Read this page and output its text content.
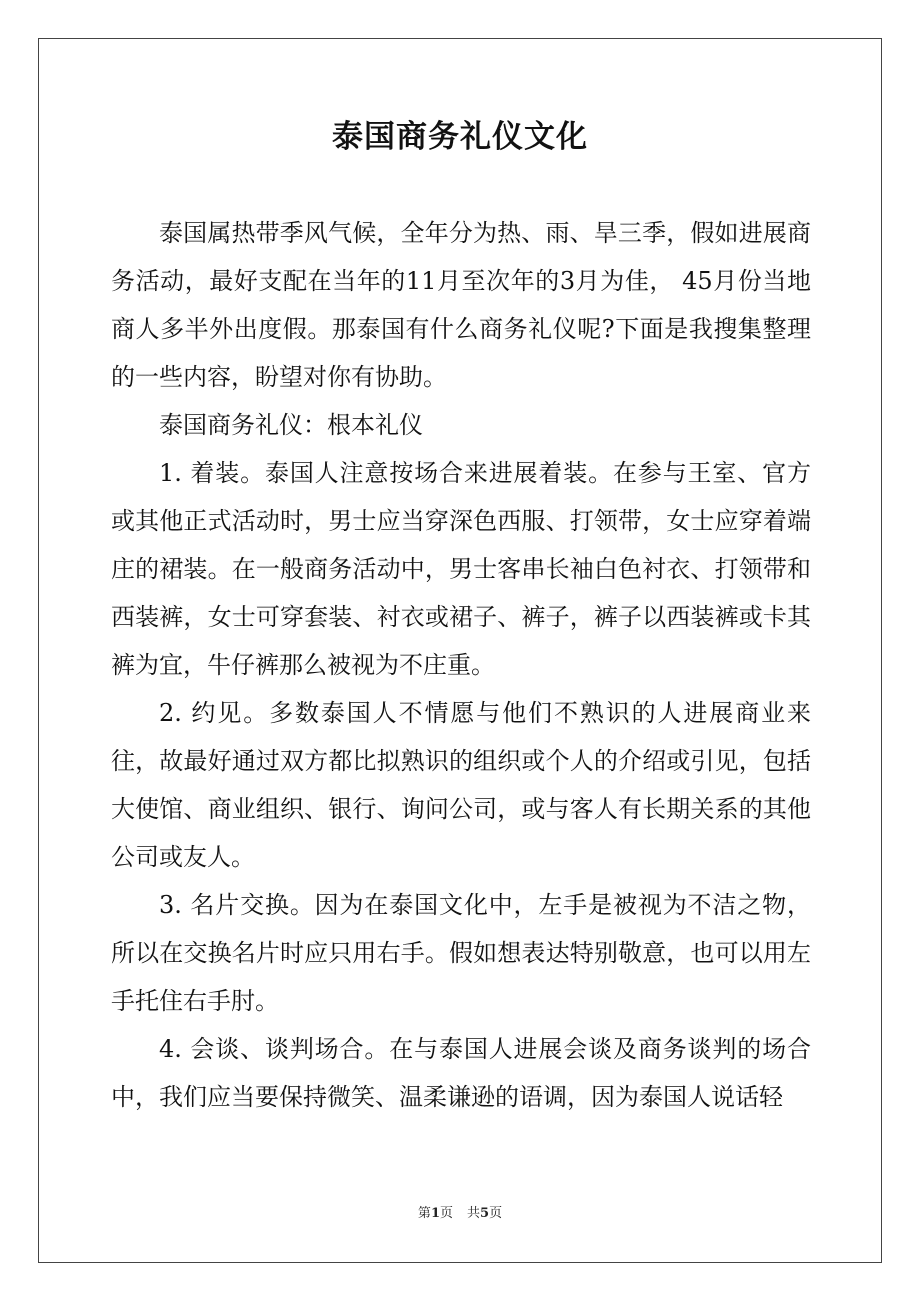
泰国商务礼仪文化

泰国属热带季风气候，全年分为热、雨、旱三季，假如进展商务活动，最好支配在当年的11月至次年的3月为佳， 45月份当地商人多半外出度假。那泰国有什么商务礼仪呢?下面是我搜集整理的一些内容，盼望对你有协助。

泰国商务礼仪：根本礼仪

1. 着装。泰国人注意按场合来进展着装。在参与王室、官方或其他正式活动时，男士应当穿深色西服、打领带，女士应穿着端庄的裙装。在一般商务活动中，男士客串长袖白色衬衣、打领带和西装裤，女士可穿套装、衬衣或裙子、裤子，裤子以西装裤或卡其裤为宜，牛仔裤那么被视为不庄重。

2. 约见。多数泰国人不情愿与他们不熟识的人进展商业来往，故最好通过双方都比拟熟识的组织或个人的介绍或引见，包括大使馆、商业组织、银行、询问公司，或与客人有长期关系的其他公司或友人。

3. 名片交换。因为在泰国文化中，左手是被视为不洁之物，所以在交换名片时应只用右手。假如想表达特别敬意，也可以用左手托住右手肘。

4. 会谈、谈判场合。在与泰国人进展会谈及商务谈判的场合中，我们应当要保持微笑、温柔谦逊的语调，因为泰国人说话轻

第1页 共5页
